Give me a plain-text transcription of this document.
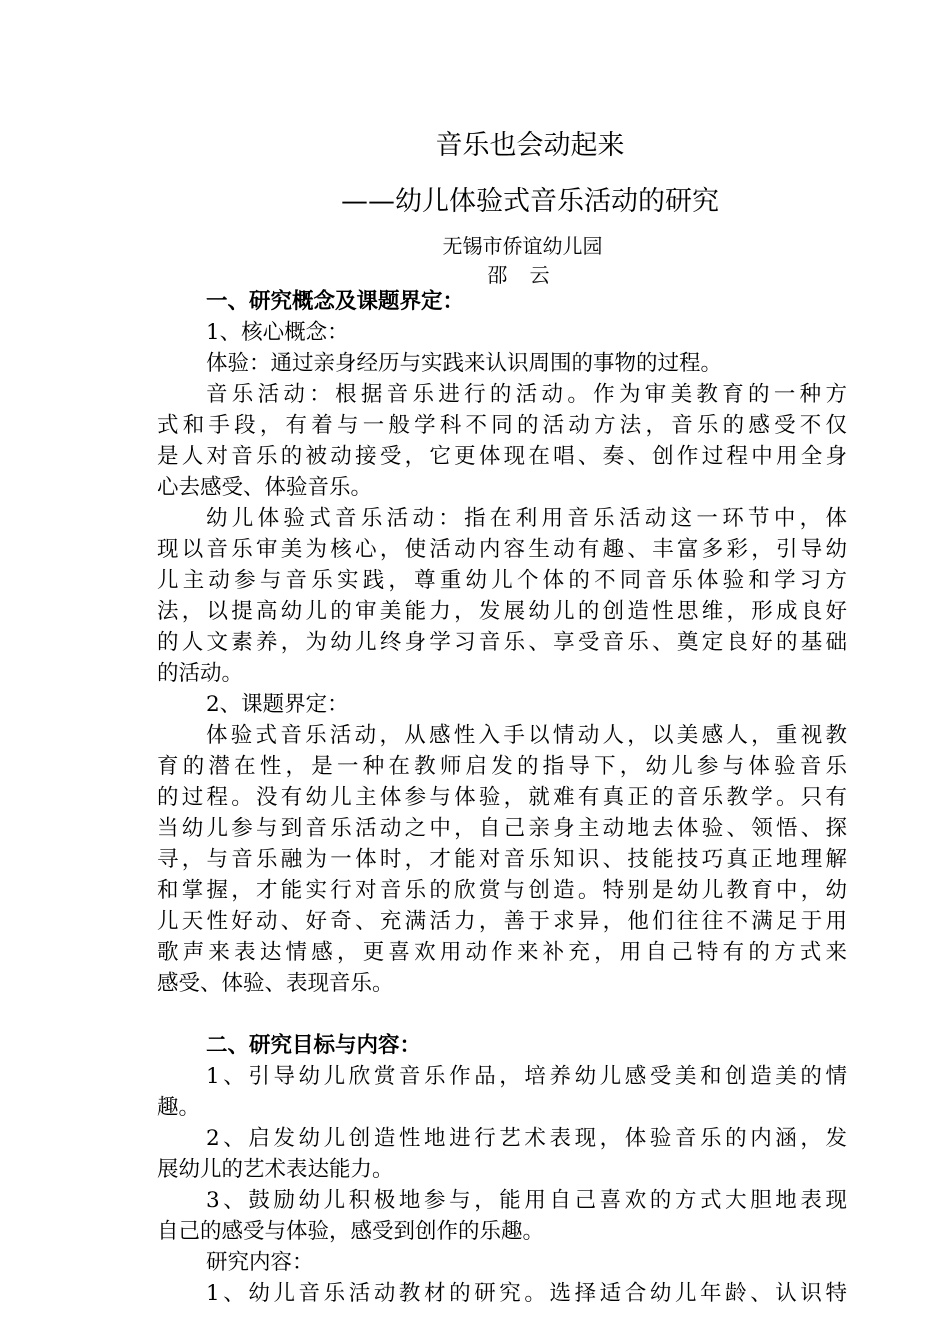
音乐也会动起来
——幼儿体验式音乐活动的研究
无锡市侨谊幼儿园
邵 云

一、研究概念及课题界定：

1、核心概念：

体验：通过亲身经历与实践来认识周围的事物的过程。

音乐活动：根据音乐进行的活动。作为审美教育的一种方
式和手段，有着与一般学科不同的活动方法，音乐的感受不仅
是人对音乐的被动接受，它更体现在唱、奏、创作过程中用全身
心去感受、体验音乐。
幼儿体验式音乐活动：指在利用音乐活动这一环节中，体
现以音乐审美为核心，使活动内容生动有趣、丰富多彩，引导幼
儿主动参与音乐实践，尊重幼儿个体的不同音乐体验和学习方
法，以提高幼儿的审美能力，发展幼儿的创造性思维，形成良好
的人文素养，为幼儿终身学习音乐、享受音乐、奠定良好的基础
的活动。

2、课题界定：

体验式音乐活动，从感性入手以情动人，以美感人，重视教
育的潜在性，是一种在教师启发的指导下，幼儿参与体验音乐
的过程。没有幼儿主体参与体验，就难有真正的音乐教学。只有
当幼儿参与到音乐活动之中，自己亲身主动地去体验、领悟、探
寻，与音乐融为一体时，才能对音乐知识、技能技巧真正地理解
和掌握，才能实行对音乐的欣赏与创造。特别是幼儿教育中，幼
儿天性好动、好奇、充满活力，善于求异，他们往往不满足于用
歌声来表达情感，更喜欢用动作来补充，用自己特有的方式来
感受、体验、表现音乐。

二、研究目标与内容：

1、引导幼儿欣赏音乐作品，培养幼儿感受美和创造美的情
趣。
2、启发幼儿创造性地进行艺术表现，体验音乐的内涵，发
展幼儿的艺术表达能力。
3、鼓励幼儿积极地参与，能用自己喜欢的方式大胆地表现
自己的感受与体验，感受到创作的乐趣。

研究内容：

1、幼儿音乐活动教材的研究。选择适合幼儿年龄、认识特
